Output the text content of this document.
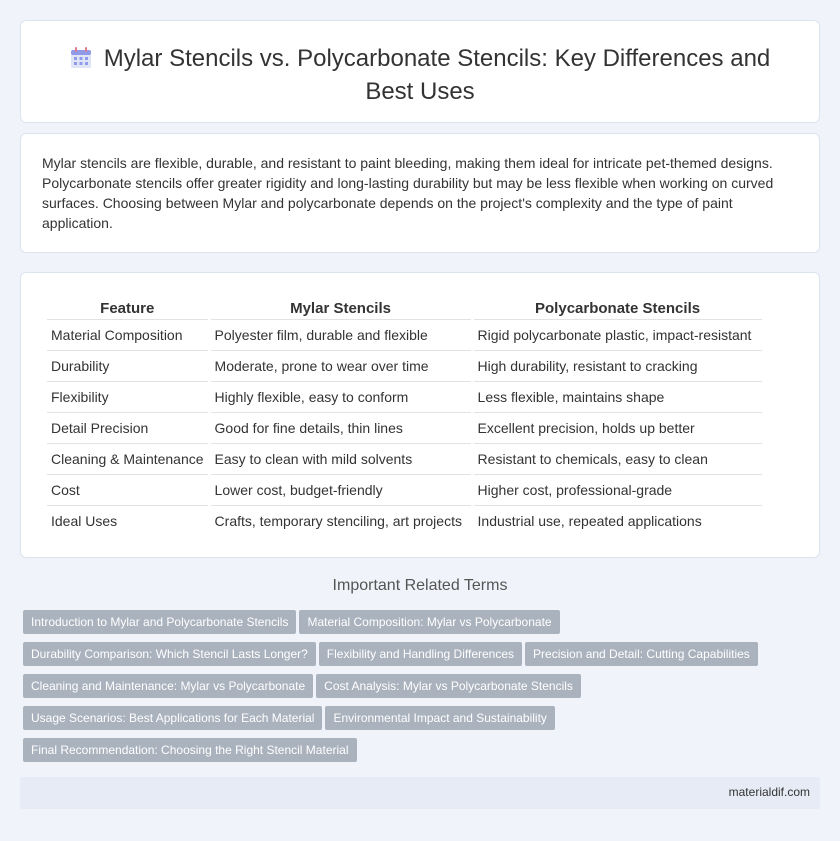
Mylar Stencils vs. Polycarbonate Stencils: Key Differences and Best Uses
Mylar stencils are flexible, durable, and resistant to paint bleeding, making them ideal for intricate pet-themed designs. Polycarbonate stencils offer greater rigidity and long-lasting durability but may be less flexible when working on curved surfaces. Choosing between Mylar and polycarbonate depends on the project's complexity and the type of paint application.
Feature	Mylar Stencils	Polycarbonate Stencils
Material Composition	Polyester film, durable and flexible	Rigid polycarbonate plastic, impact-resistant
Durability	Moderate, prone to wear over time	High durability, resistant to cracking
Flexibility	Highly flexible, easy to conform	Less flexible, maintains shape
Detail Precision	Good for fine details, thin lines	Excellent precision, holds up better
Cleaning & Maintenance	Easy to clean with mild solvents	Resistant to chemicals, easy to clean
Cost	Lower cost, budget-friendly	Higher cost, professional-grade
Ideal Uses	Crafts, temporary stenciling, art projects	Industrial use, repeated applications
Important Related Terms
Introduction to Mylar and Polycarbonate Stencils Material Composition: Mylar vs Polycarbonate
Durability Comparison: Which Stencil Lasts Longer? Flexibility and Handling Differences Precision and Detail: Cutting Capabilities
Cleaning and Maintenance: Mylar vs Polycarbonate Cost Analysis: Mylar vs Polycarbonate Stencils
Usage Scenarios: Best Applications for Each Material Environmental Impact and Sustainability
Final Recommendation: Choosing the Right Stencil Material
materialdif.com
